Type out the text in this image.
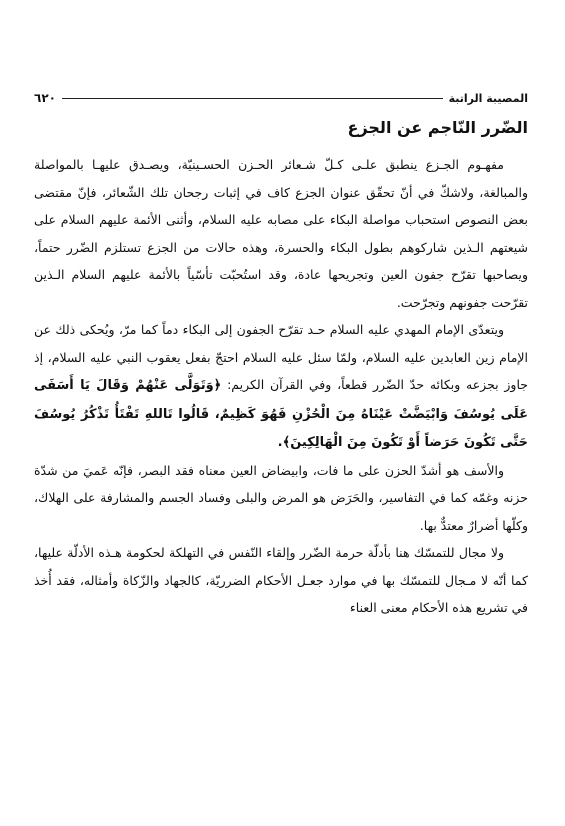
المصيبة الراتبة
٦٢٠
الضّرر النّاجم عن الجزع

مفهـوم الجـزع ينطبق علـى كـلّ شـعائر الحـزن الحسـينيّة، ويصـدق عليهـا بالمواصلة والمبالغة، ولاشكّ في أنّ تحقّق عنوان الجزع كاف في إثبات رجحان تلك الشّعائر، فإنّ مقتضى بعض النصوص استحباب مواصلة البكاء على مصابه عليه السلام، وأثنى الأئمة عليهم السلام على شيعتهم الـذين شاركوهم بطول البكاء والحسرة، وهذه حالات من الجزع تستلزم الضّرر حتماً، ويصاحبها تقرّح جفون العين وتجريحها عادة، وقد استُحبّت تأسّياً بالأئمة عليهم السلام الـذين تقرّحت جفونهم وتجرّحت.

ويتعدّى الإمام المهدي عليه السلام حـد تقرّح الجفون إلى البكاء دماً كما مرّ، ويُحكى ذلك عن الإمام زين العابدين عليه السلام، ولمّا سئل عليه السلام احتجّ بفعل يعقوب النبي عليه السلام، إذ جاوز بجزعه وبكائه حدّ الضّرر قطعاً، وفي القرآن الكريم: ﴿وَتَوَلَّى عَنْهُمْ وَقَالَ يَا أَسَفَى عَلَى يُوسُفَ وَابْيَضَّتْ عَيْنَاهُ مِنَ الْحُزْنِ فَهُوَ كَظِيمٌ، قَالُوا تَاللهِ تَفْتَأُ تَذْكُرُ يُوسُفَ حَتَّى تَكُونَ حَرَضاً أَوْ تَكُونَ مِنَ الْهَالِكِينَ﴾.

والأسف هو أشدّ الحزن على ما فات، وابيضاض العين معناه فقد البصر، فإنّه عَميَ من شدّة حزنه وغمّه كما في التفاسير، والحَرَض هو المرض والبلى وفساد الجسم والمشارفة على الهلاك، وكلّها أضرارٌ معتدٌّ بها.

ولا مجال للتمسّك هنا بأدلّة حرمة الضّرر وإلقاء النّفس في التهلكة لحكومة هـذه الأدلّة عليها، كما أنّه لا مـجال للتمسّك بها في موارد جعـل الأحكام الضرريّة، كالجهاد والزّكاة وأمثاله، فقد أُخذ في تشريع هذه الأحكام معنى العناء
